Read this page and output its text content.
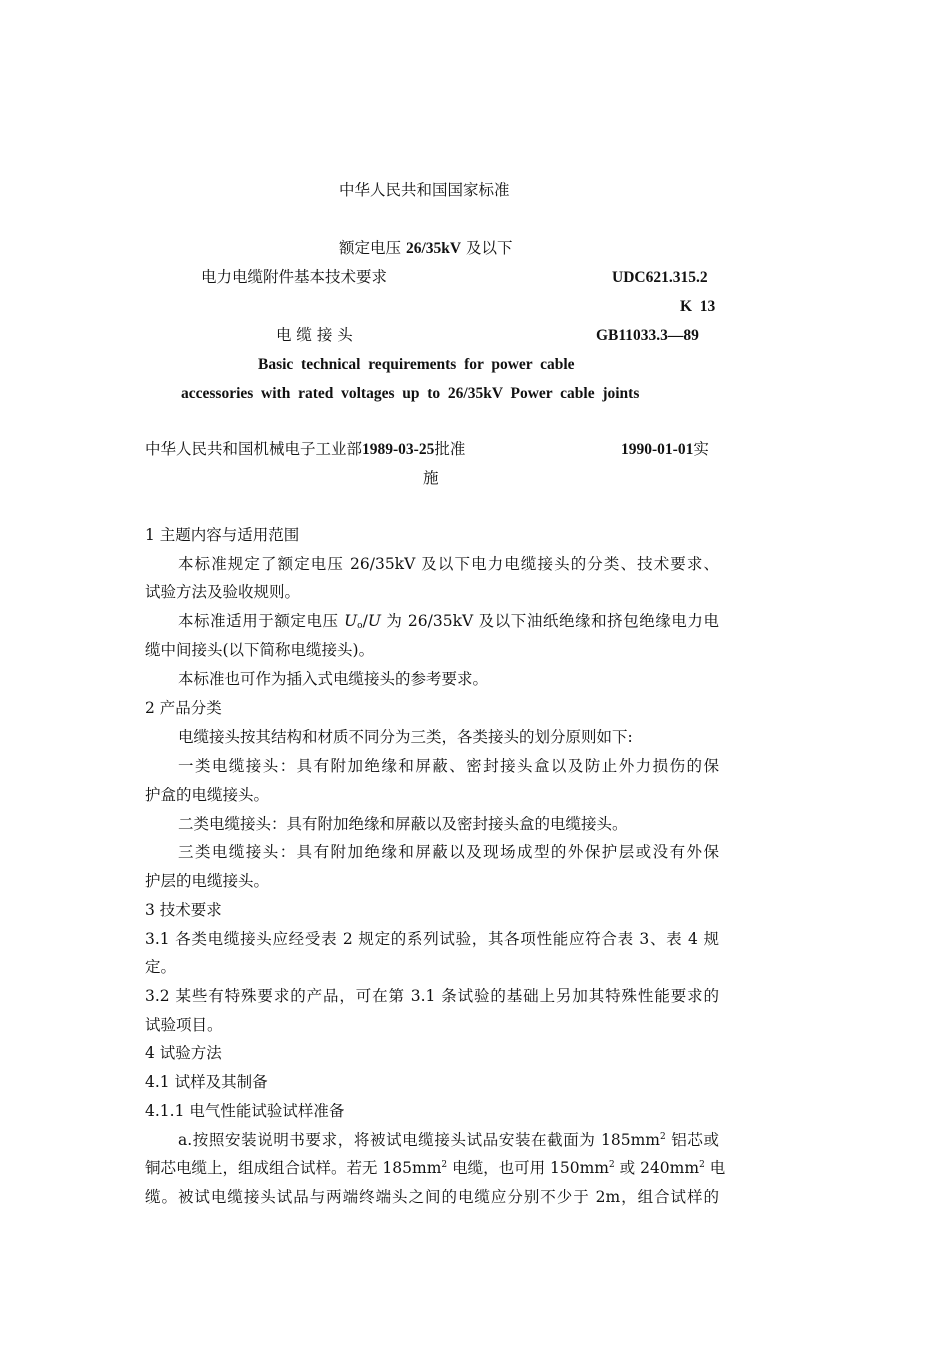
中华人民共和国国家标准
额定电压 26/35kV 及以下
电力电缆附件基本技术要求	UDC621.315.2
K  13
电 缆 接 头	GB11033.3—89
Basic  technical  requirements  for  power  cable
accessories  with  rated  voltages  up  to  26/35kV  Power  cable  joints
中华人民共和国机械电子工业部1989-03-25批准	1990-01-01实
施
1 主题内容与适用范围
本标准规定了额定电压 26/35kV 及以下电力电缆接头的分类、技术要求、
试验方法及验收规则。
本标准适用于额定电压 $U_o/U$ 为 26/35kV 及以下油纸绝缘和挤包绝缘电力电
缆中间接头(以下简称电缆接头)。
本标准也可作为插入式电缆接头的参考要求。
2 产品分类
电缆接头按其结构和材质不同分为三类，各类接头的划分原则如下:
一类电缆接头：具有附加绝缘和屏蔽、密封接头盒以及防止外力损伤的保
护盒的电缆接头。
二类电缆接头：具有附加绝缘和屏蔽以及密封接头盒的电缆接头。
三类电缆接头：具有附加绝缘和屏蔽以及现场成型的外保护层或没有外保
护层的电缆接头。
3 技术要求
3.1 各类电缆接头应经受表 2 规定的系列试验，其各项性能应符合表 3、表 4 规
定。
3.2 某些有特殊要求的产品，可在第 3.1 条试验的基础上另加其特殊性能要求的
试验项目。
4 试验方法
4.1 试样及其制备
4.1.1 电气性能试验试样准备
a.按照安装说明书要求，将被试电缆接头试品安装在截面为 $185mm^2$ 铝芯或
铜芯电缆上，组成组合试样。若无 $185mm^2$ 电缆，也可用 $150mm^2$ 或 $240mm^2$ 电
缆。被试电缆接头试品与两端终端头之间的电缆应分别不少于 2m，组合试样的
